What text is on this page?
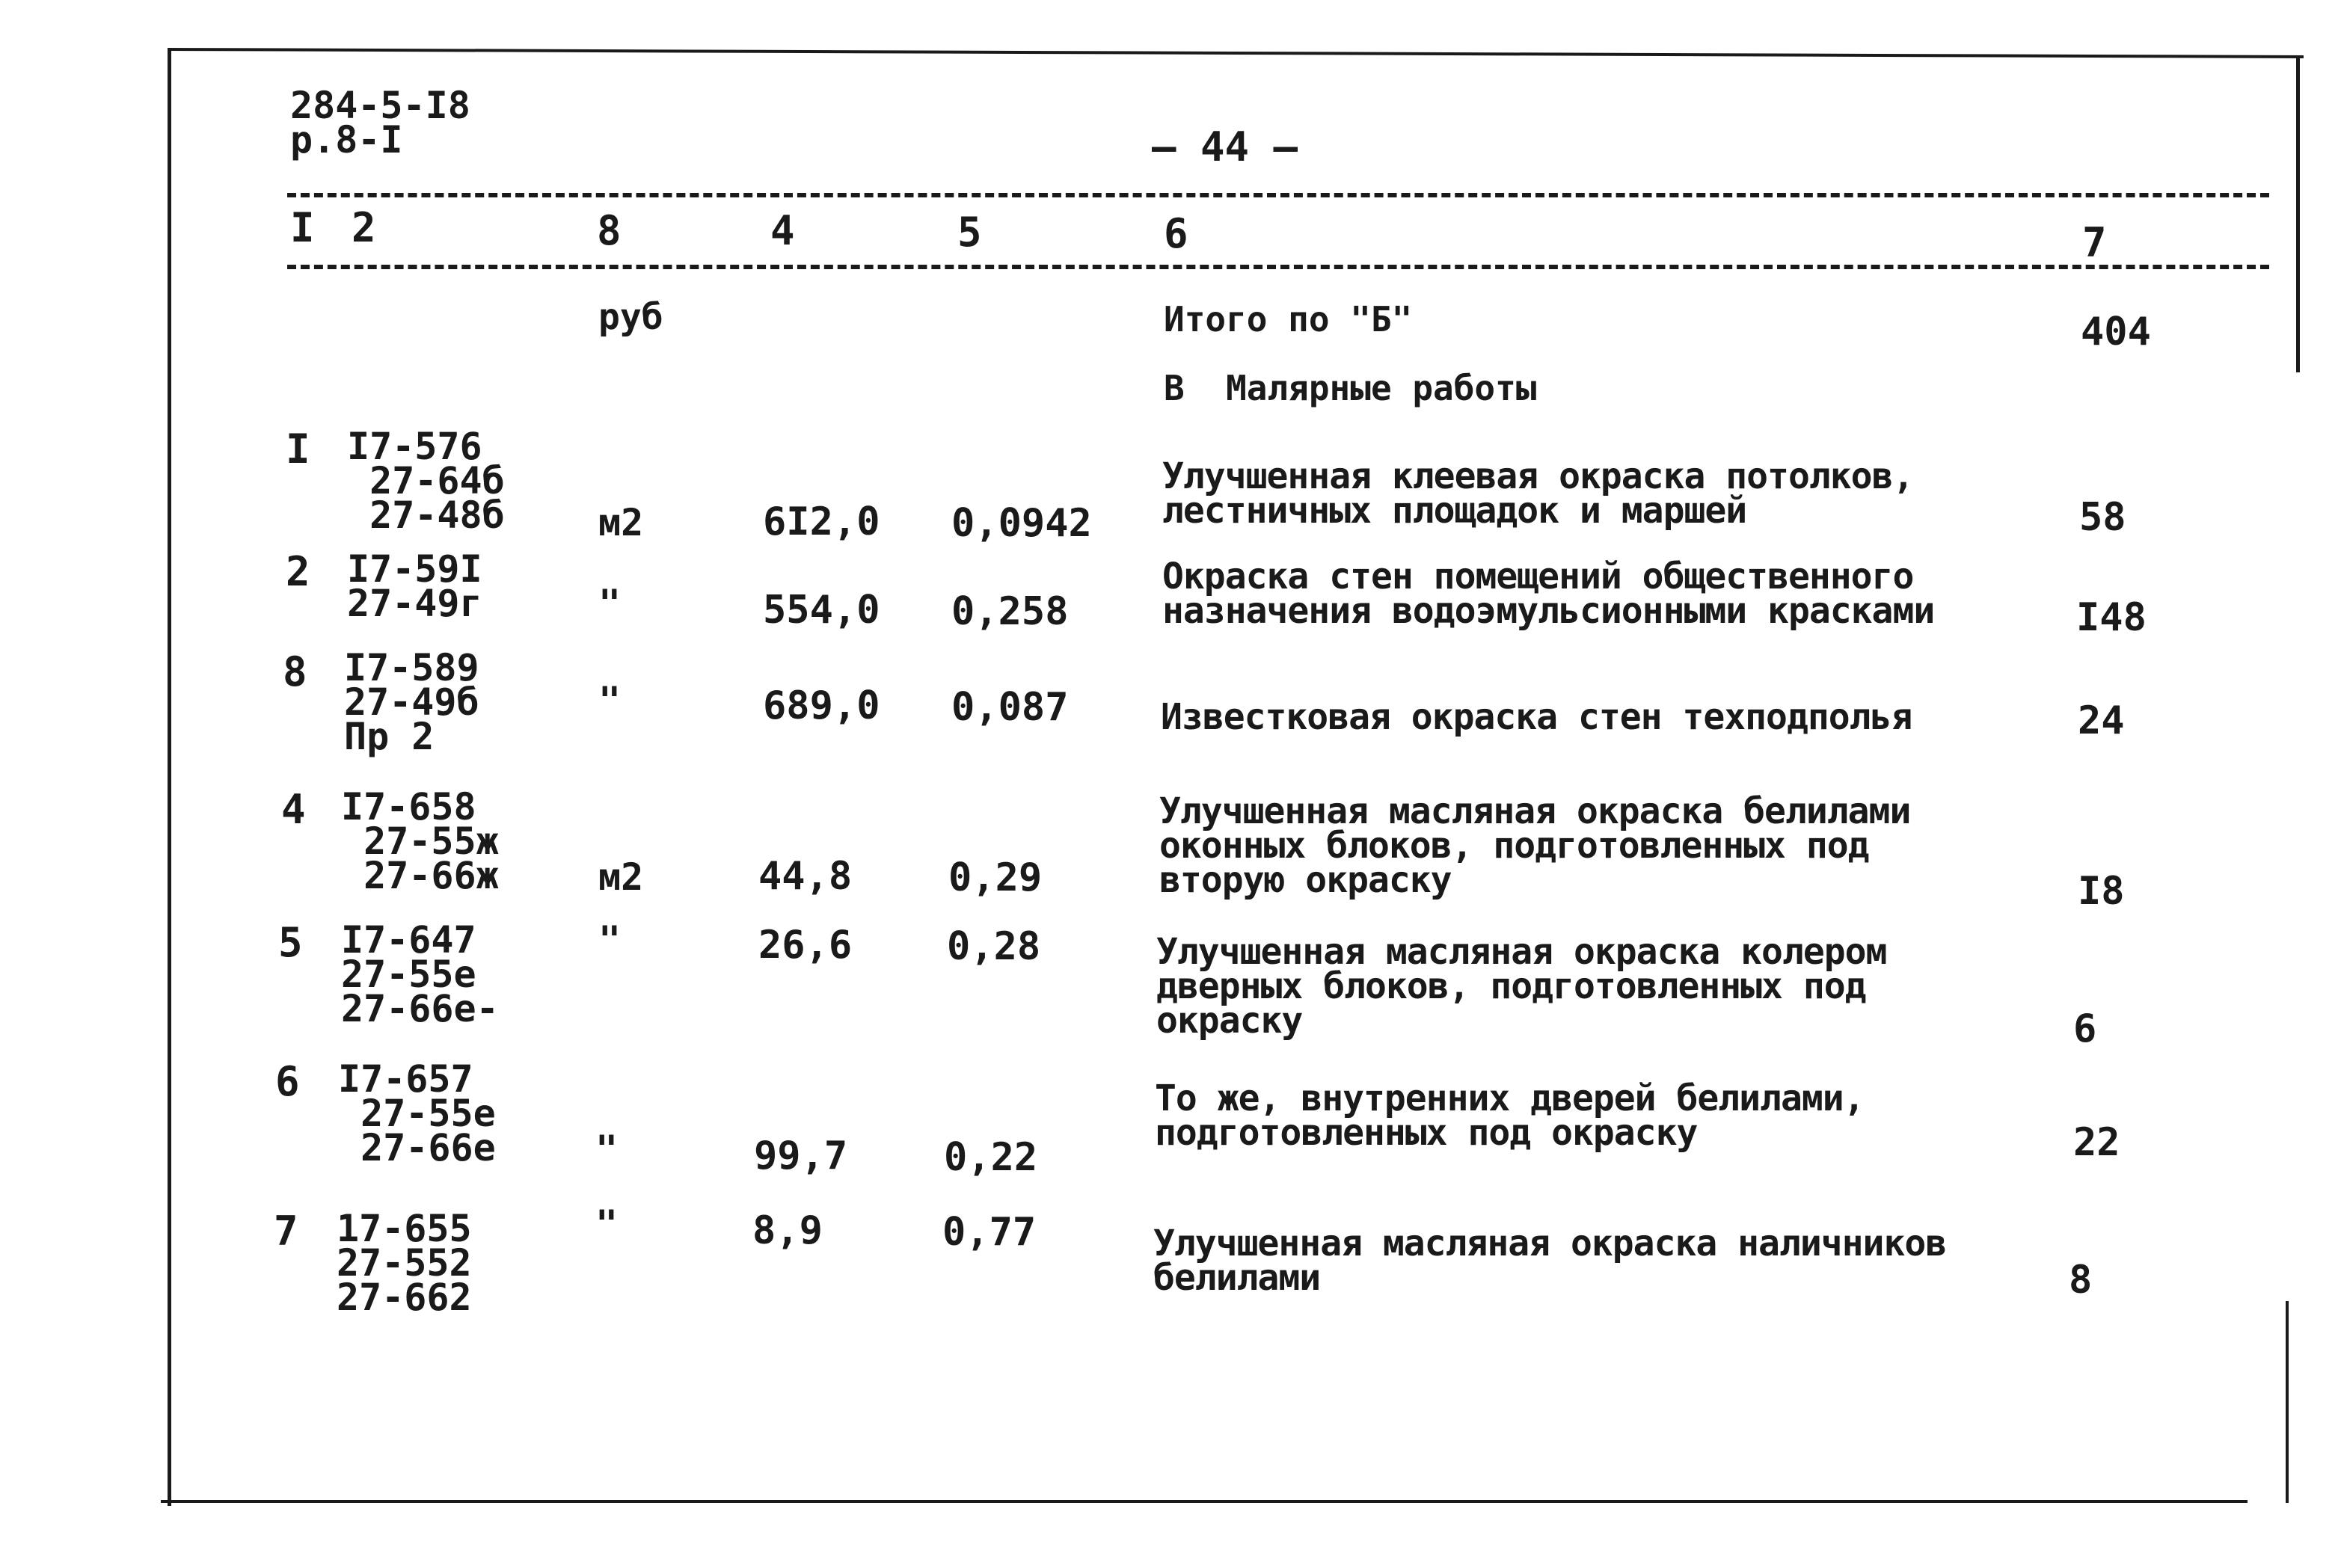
284-5-I8
р.8-I	— 44 —
I 2	8	4	5	6	7
руб	Итого по "Б"	404
В  Малярные работы
I I7-576
27-64б
27-48б	м2	6I2,0 0,0942
Улучшенная клеевая окраска потолков,
лестничных площадок и маршей	58
2 I7-59I
27-49г	"	554,0 0,258
Окраска стен помещений общественного
назначения водоэмульсионными красками	I48
8 I7-589
27-49б
Пр 2
"	689,0 0,087	Известковая окраска стен техподполья	24
4 I7-658
27-55ж
27-66ж	м2	44,8 0,29
Улучшенная масляная окраска белилами
оконных блоков, подготовленных под
вторую окраску	I8
5 I7-647
27-55е
27-66е-
"	26,6 0,28	Улучшенная масляная окраска колером
дверных блоков, подготовленных под
окраску	6
6 I7-657
27-55е
27-66е	"	99,7 0,22
То же, внутренних дверей белилами,
подготовленных под окраску	22
7 17-655
27-552
27-662
"	8,9	0,77	Улучшенная масляная окраска наличников
белилами	8
